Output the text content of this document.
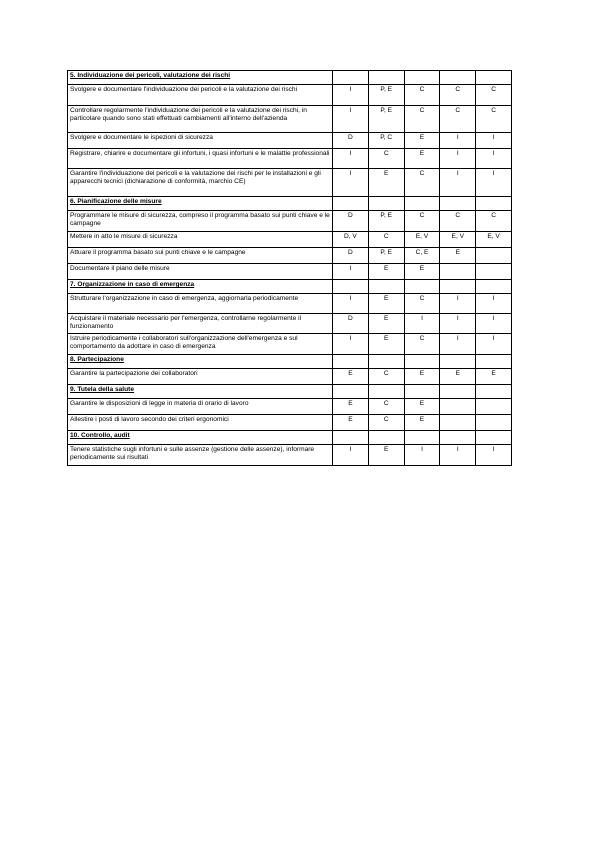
5. Individuazione dei pericoli, valutazione dei rischi					
Svolgere e documentare l'individuazione dei pericoli e la valutazione dei rischi	I	P, E	C	C	C
Controllare regolarmente l'individuazione dei pericoli e la valutazione dei rischi, in particolare quando sono stati effettuati cambiamenti all'interno dell'azienda	I	P, E	C	C	C
Svolgere e documentare le ispezioni di sicurezza	D	P, C	E	I	I
Registrare, chiarire e documentare gli infortuni, i quasi infortuni e le malattie professionali	I	C	E	I	I
Garantire l'individuazione dei pericoli e la valutazione dei rischi per le installazioni e gli apparecchi tecnici (dichiarazione di conformità, marchio CE)	I	E	C	I	I
6. Pianificazione delle misure					
Programmare le misure di sicurezza, compreso il programma basato sui punti chiave e le campagne	D	P, E	C	C	C
Mettere in atto le misure di sicurezza	D, V	C	E, V	E, V	E, V
Attuare il programma basato sui punti chiave e le campagne	D	P, E	C, E	E	
Documentare il piano delle misure	I	E	E		
7. Organizzazione in caso di emergenza					
Strutturare l'organizzazione in caso di emergenza, aggiornarla periodicamente	I	E	C	I	I
Acquistare il materiale necessario per l'emergenza, controllarne regolarmente il funzionamento	D	E	I	I	I
Istruire periodicamente i collaboratori sull'organizzazione dell'emergenza e sul comportamento da adottare in caso di emergenza	I	E	C	I	I
8. Partecipazione					
Garantire la partecipazione dei collaboratori	E	C	E	E	E
9. Tutela della salute					
Garantire le disposizioni di legge in materia di orario di lavoro	E	C	E		
Allestire i posti di lavoro secondo dei criteri ergonomici	E	C	E		
10. Controllo, audit					
Tenere statistiche sugli infortuni e sulle assenze (gestione delle assenze), informare periodicamente sui risultati	I	E	I	I	I
